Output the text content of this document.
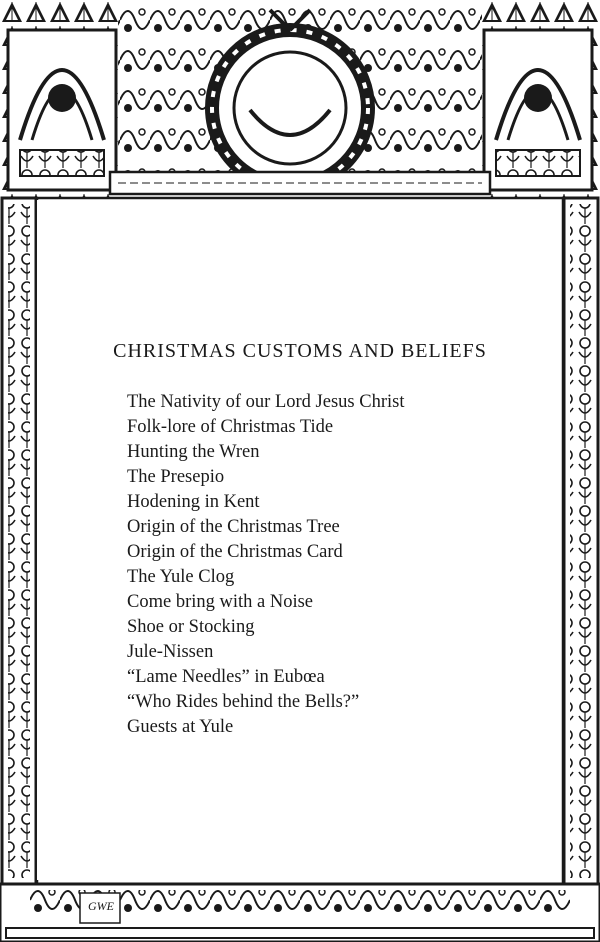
GWE
CHRISTMAS CUSTOMS AND BELIEFS
The Nativity of our Lord Jesus Christ
Folk-lore of Christmas Tide
Hunting the Wren
The Presepio
Hodening in Kent
Origin of the Christmas Tree
Origin of the Christmas Card
The Yule Clog
Come bring with a Noise
Shoe or Stocking
Jule-Nissen
“Lame Needles” in Eubœa
“Who Rides behind the Bells?”
Guests at Yule
